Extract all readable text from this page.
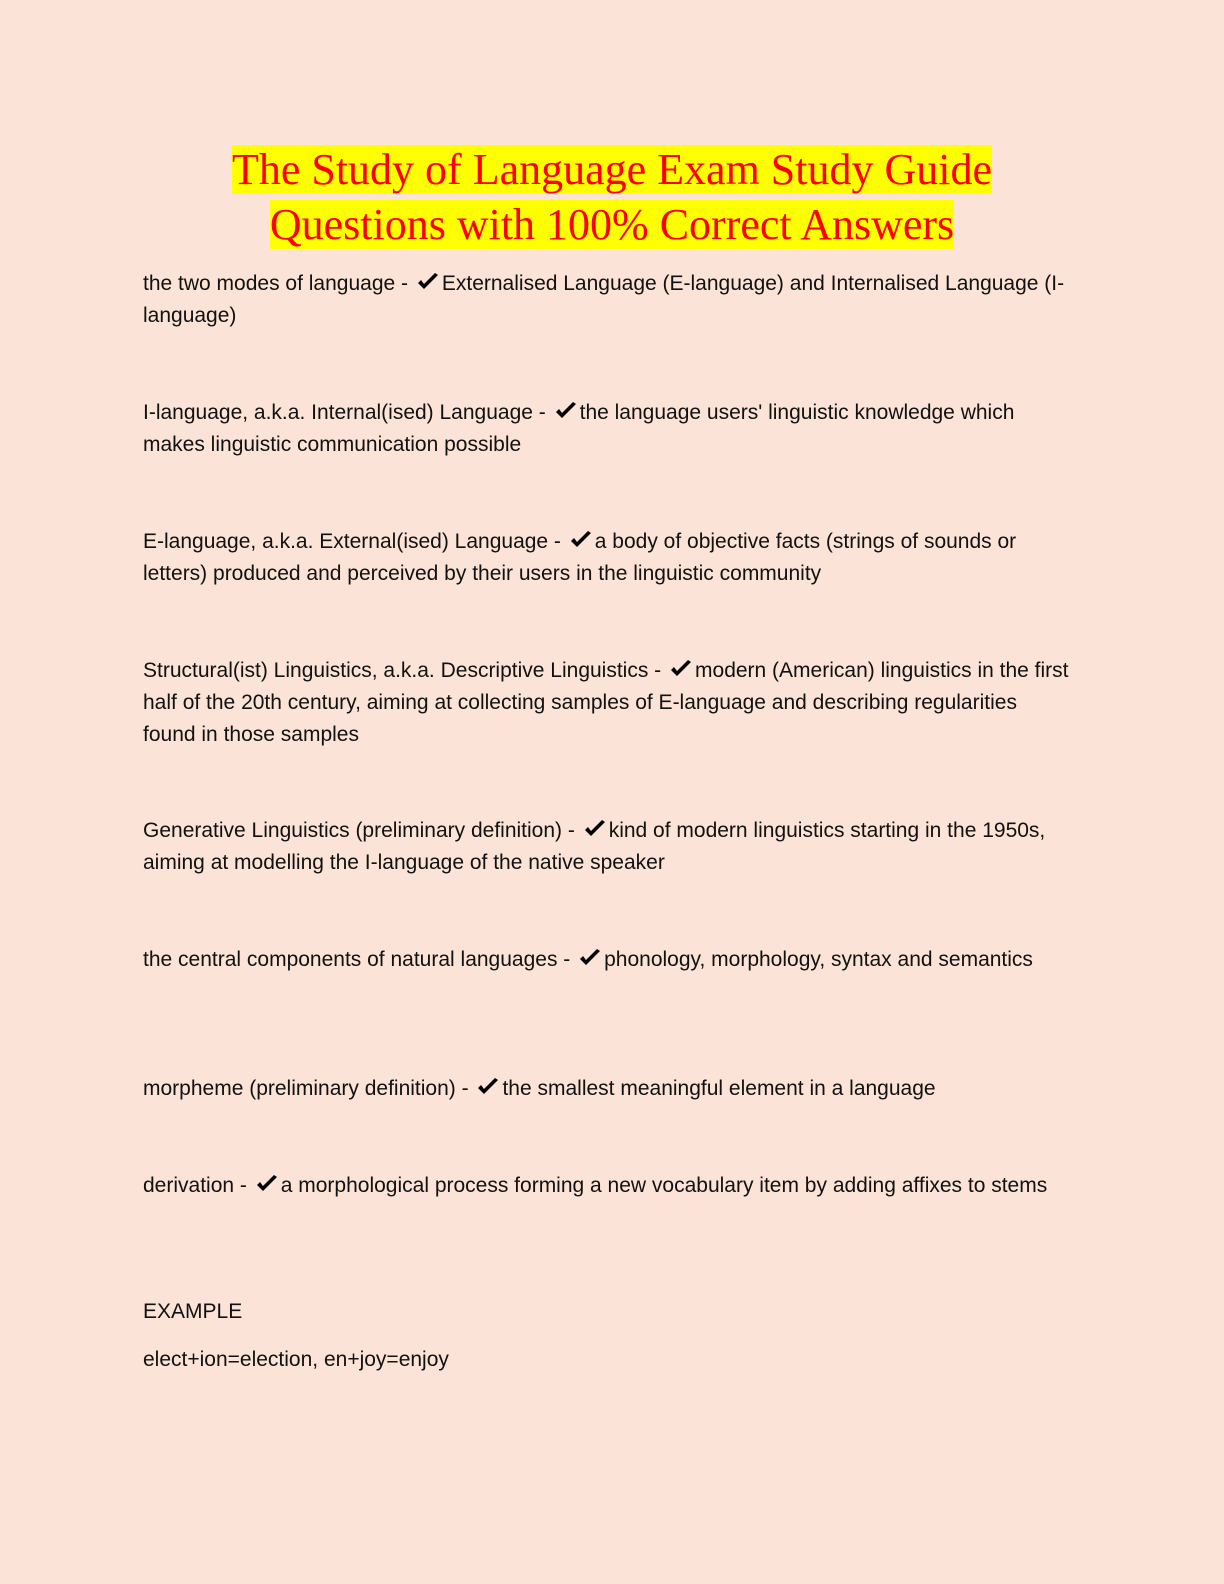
The Study of Language Exam Study Guide
Questions with 100% Correct Answers
the two modes of language - Externalised Language (E-language) and Internalised Language (I-language)
I-language, a.k.a. Internal(ised) Language - the language users' linguistic knowledge which makes linguistic communication possible
E-language, a.k.a. External(ised) Language - a body of objective facts (strings of sounds or letters) produced and perceived by their users in the linguistic community
Structural(ist) Linguistics, a.k.a. Descriptive Linguistics - modern (American) linguistics in the first half of the 20th century, aiming at collecting samples of E-language and describing regularities found in those samples
Generative Linguistics (preliminary definition) - kind of modern linguistics starting in the 1950s, aiming at modelling the I-language of the native speaker
the central components of natural languages - phonology, morphology, syntax and semantics
morpheme (preliminary definition) - the smallest meaningful element in a language
derivation - a morphological process forming a new vocabulary item by adding affixes to stems
EXAMPLE
elect+ion=election, en+joy=enjoy
